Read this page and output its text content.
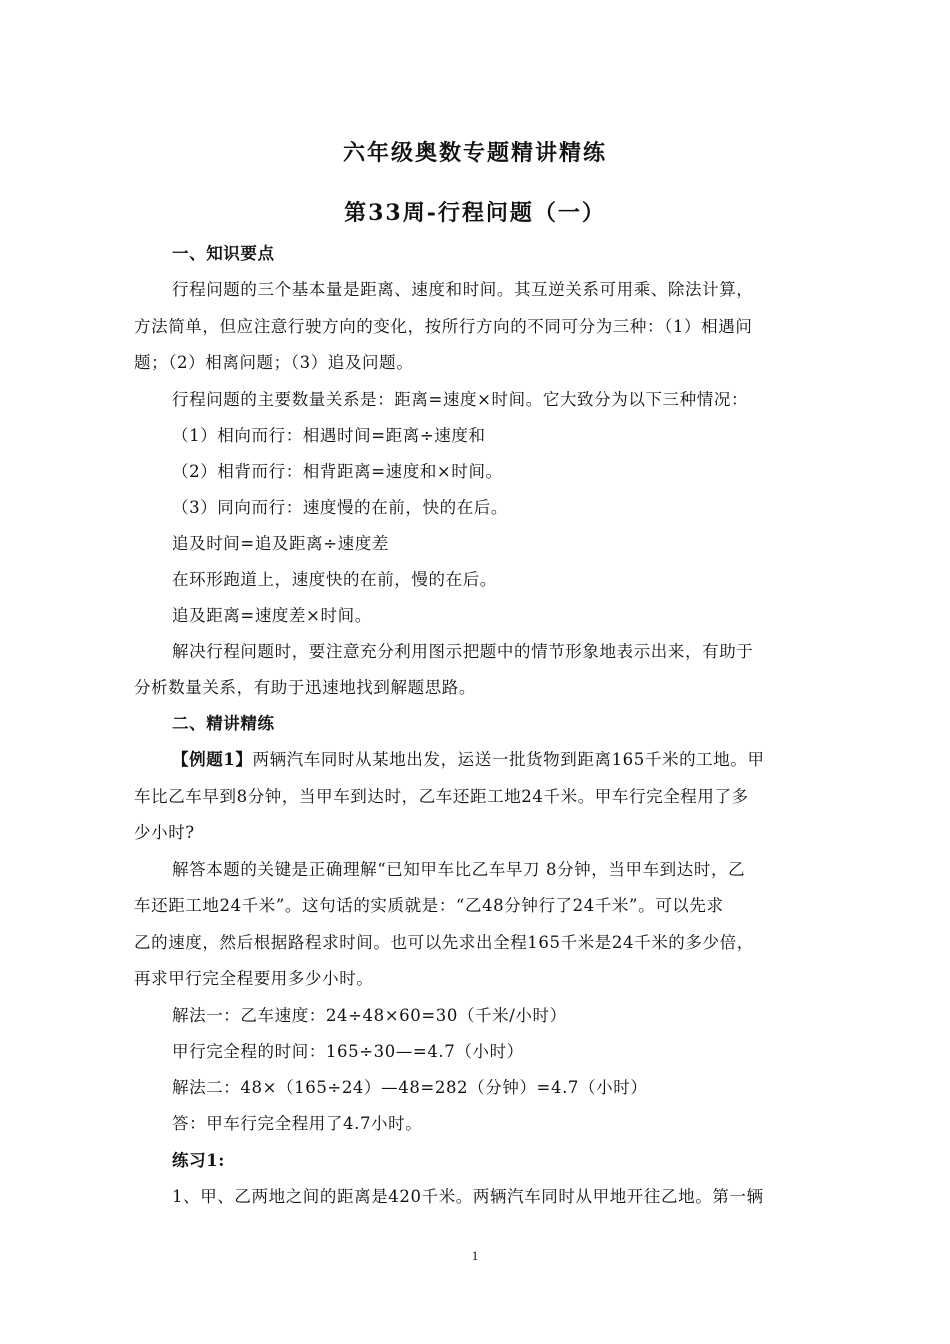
六年级奥数专题精讲精练
第33周-行程问题（一）
一、知识要点
行程问题的三个基本量是距离、速度和时间。其互逆关系可用乘、除法计算，
方法简单，但应注意行驶方向的变化，按所行方向的不同可分为三种：（1）相遇问
题；（2）相离问题；（3）追及问题。
行程问题的主要数量关系是：距离=速度×时间。它大致分为以下三种情况：
（1）相向而行：相遇时间=距离÷速度和
（2）相背而行：相背距离=速度和×时间。
（3）同向而行：速度慢的在前，快的在后。
追及时间=追及距离÷速度差
在环形跑道上，速度快的在前，慢的在后。
追及距离=速度差×时间。
解决行程问题时，要注意充分利用图示把题中的情节形象地表示出来，有助于
分析数量关系，有助于迅速地找到解题思路。
二、精讲精练
【例题1】两辆汽车同时从某地出发，运送一批货物到距离165千米的工地。甲
车比乙车早到8分钟，当甲车到达时，乙车还距工地24千米。甲车行完全程用了多
少小时?
解答本题的关键是正确理解“已知甲车比乙车早刀 8分钟，当甲车到达时，乙
车还距工地24千米”。这句话的实质就是：“乙48分钟行了24千米”。可以先求
乙的速度，然后根据路程求时间。也可以先求出全程165千米是24千米的多少倍，
再求甲行完全程要用多少小时。
解法一：乙车速度：24÷48×60=30（千米/小时）
甲行完全程的时间：165÷30—=4.7（小时）
解法二：48×（165÷24）—48=282（分钟）=4.7（小时）
答：甲车行完全程用了4.7小时。
练习1:
1、甲、乙两地之间的距离是420千米。两辆汽车同时从甲地开往乙地。第一辆
1
